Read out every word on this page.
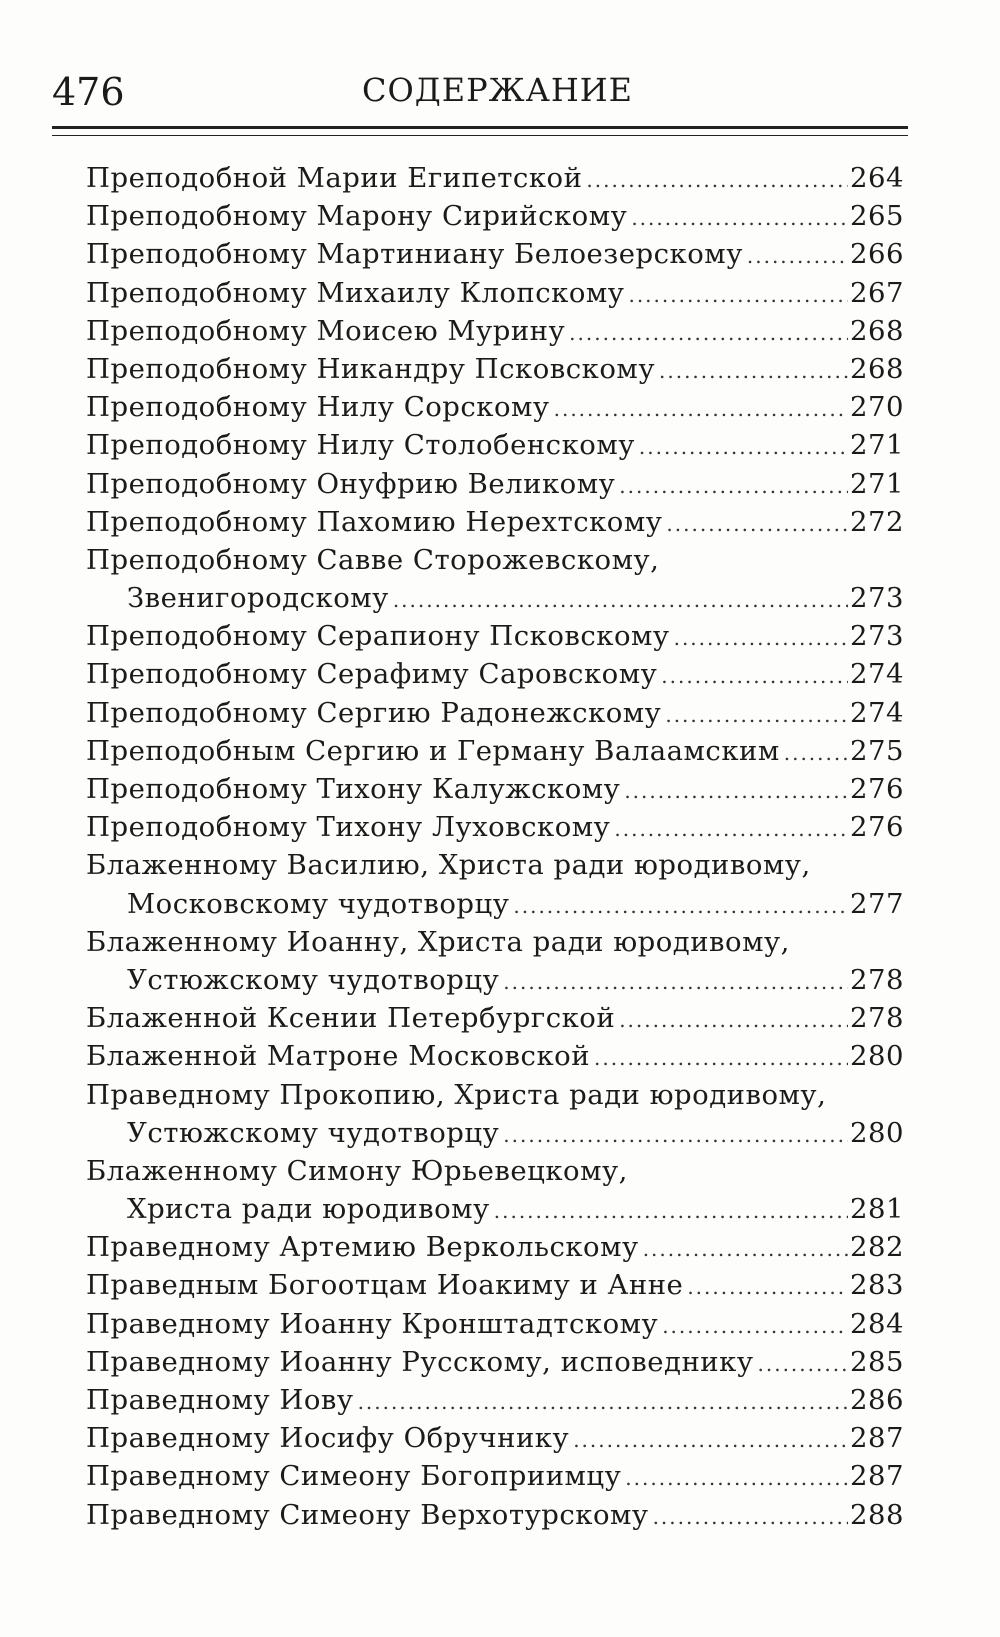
476	СОДЕРЖАНИЕ
Преподобной Марии Египетской .....	264
Преподобному Марону Сирийскому .....	265
Преподобному Мартиниану Белоезерскому .....	266
Преподобному Михаилу Клопскому .....	267
Преподобному Моисею Мурину .....	268
Преподобному Никандру Псковскому .....	268
Преподобному Нилу Сорскому .....	270
Преподобному Нилу Столобенскому .....	271
Преподобному Онуфрию Великому .....	271
Преподобному Пахомию Нерехтскому .....	272
Преподобному Савве Сторожевскому,
Звенигородскому .....	273
Преподобному Серапиону Псковскому .....	273
Преподобному Серафиму Саровскому .....	274
Преподобному Сергию Радонежскому .....	274
Преподобным Сергию и Герману Валаамским .....	275
Преподобному Тихону Калужскому .....	276
Преподобному Тихону Луховскому .....	276
Блаженному Василию, Христа ради юродивому,
Московскому чудотворцу .....	277
Блаженному Иоанну, Христа ради юродивому,
Устюжскому чудотворцу .....	278
Блаженной Ксении Петербургской .....	278
Блаженной Матроне Московской .....	280
Праведному Прокопию, Христа ради юродивому,
Устюжскому чудотворцу .....	280
Блаженному Симону Юрьевецкому,
Христа ради юродивому .....	281
Праведному Артемию Веркольскому .....	282
Праведным Богоотцам Иоакиму и Анне .....	283
Праведному Иоанну Кронштадтскому .....	284
Праведному Иоанну Русскому, исповеднику .....	285
Праведному Иову .....	286
Праведному Иосифу Обручнику .....	287
Праведному Симеону Богоприимцу .....	287
Праведному Симеону Верхотурскому .....	288
